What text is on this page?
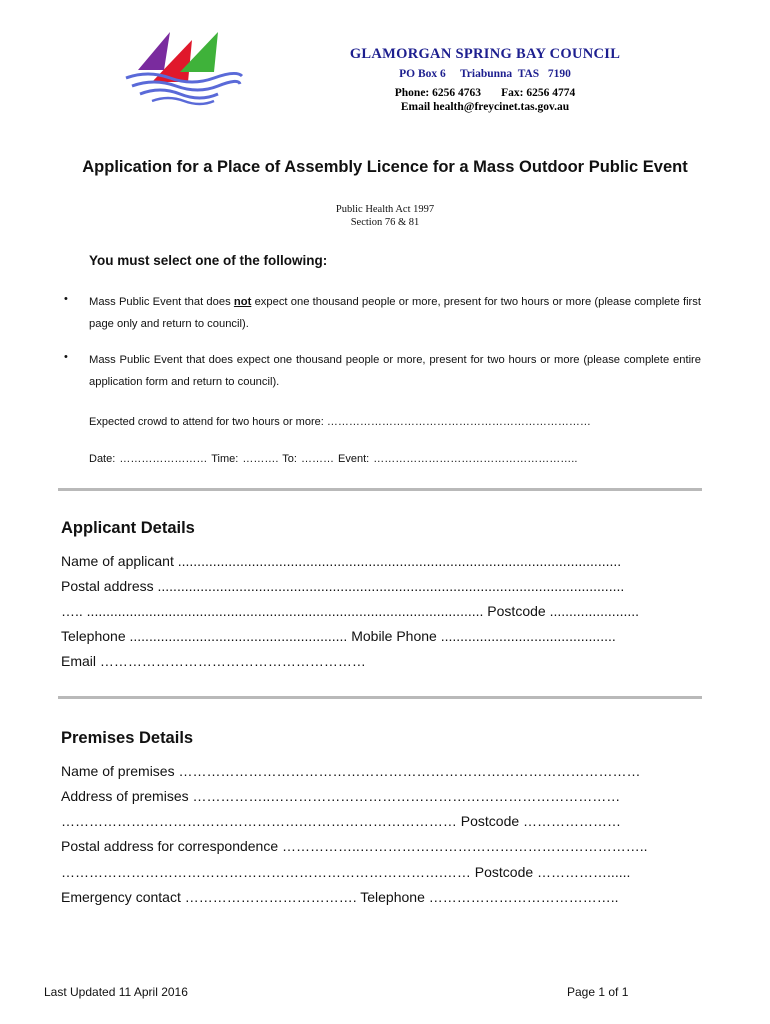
GLAMORGAN SPRING BAY COUNCIL
PO Box 6     Triabunna  TAS   7190
Phone: 6256 4763       Fax: 6256 4774
Email health@freycinet.tas.gov.au
Application for a Place of Assembly Licence for a Mass Outdoor Public Event
Public Health Act 1997
Section 76 & 81
You must select one of the following:
• Mass Public Event that does not expect one thousand people or more, present for two hours or more (please complete first page only and return to council).
• Mass Public Event that does expect one thousand people or more, present for two hours or more (please complete entire application form and return to council).
Expected crowd to attend for two hours or more: ………………………………………………………………
Date: …………………… Time: ………. To: ……… Event: ………………………………………………..
Applicant Details
Name of applicant ..................................................................................................................
Postal address ........................................................................................................................
….. ...................................................................................................... Postcode .......................
Telephone ........................................................ Mobile Phone .............................................
Email …………………………………………………
Premises Details
Name of premises ………………………………………………………………………………………
Address of premises ……………..…………………………………………………………………
…………………………………………….…………………………… Postcode …………………
Postal address for correspondence ……………..……………………………………………………..
……………………………………………………………………….…… Postcode ……………......
Emergency contact ………………………………. Telephone …………………………………..
Last Updated 11 April 2016	Page 1 of 1
